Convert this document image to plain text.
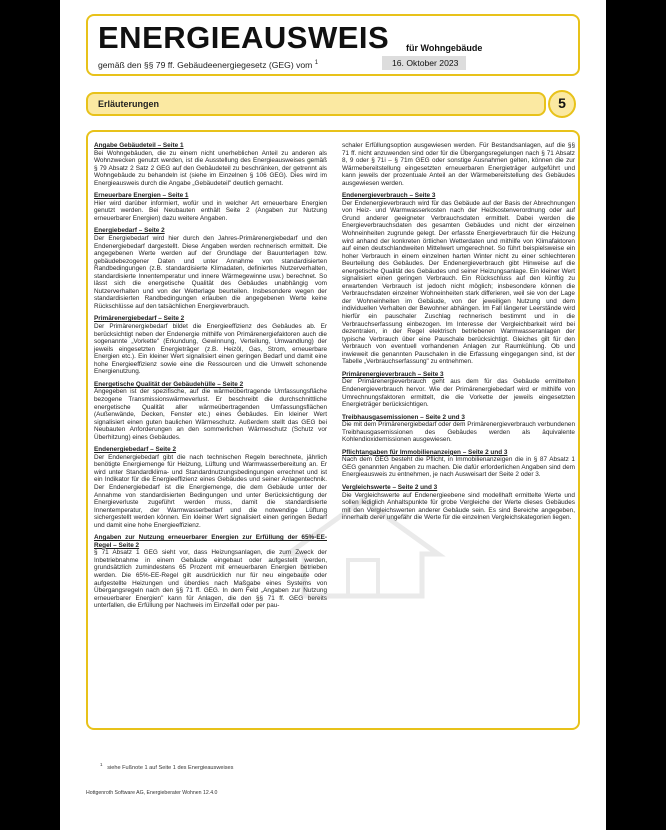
ENERGIEAUSWEIS für Wohngebäude
gemäß den §§ 79 ff. Gebäudeenergiegesetz (GEG) vom $^1$	16. Oktober 2023
Erläuterungen	5
Angabe Gebäudeteil – Seite 1
Bei Wohngebäuden, die zu einem nicht unerheblichen Anteil zu anderen als Wohnzwecken genutzt werden, ist die Ausstellung des Energieausweises gemäß § 79 Absatz 2 Satz 2 GEG auf den Gebäudeteil zu beschränken, der getrennt als Wohngebäude zu behandeln ist (siehe im Einzelnen § 106 GEG). Dies wird im Energieausweis durch die Angabe „Gebäudeteil" deutlich gemacht.
Erneuerbare Energien – Seite 1
Hier wird darüber informiert, wofür und in welcher Art erneuerbare Energien genutzt werden. Bei Neubauten enthält Seite 2 (Angaben zur Nutzung erneuerbarer Energien) dazu weitere Angaben.
Energiebedarf – Seite 2
Der Energiebedarf wird hier durch den Jahres-Primärenergiebedarf und den Endenergiebedarf dargestellt. Diese Angaben werden rechnerisch ermittelt. Die angegebenen Werte werden auf der Grundlage der Bauunterlagen bzw. gebäudebezogener Daten und unter Annahme von standardisierten Randbedingungen (z.B. standardisierte Klimadaten, definiertes Nutzerverhalten, standardisierte Innentemperatur und innere Wärmegewinne usw.) berechnet. So lässt sich die energetische Qualität des Gebäudes unabhängig vom Nutzerverhalten und von der Wetterlage beurteilen. Insbesondere wegen der standardisierten Randbedingungen erlauben die angegebenen Werte keine Rückschlüsse auf den tatsächlichen Energieverbrauch.
Primärenergiebedarf – Seite 2
Der Primärenergiebedarf bildet die Energieeffizienz des Gebäudes ab. Er berücksichtigt neben der Endenergie mithilfe von Primärenergiefaktoren auch die sogenannte „Vorkette" (Erkundung, Gewinnung, Verteilung, Umwandlung) der jeweils eingesetzten Energieträger (z.B. Heizöl, Gas, Strom, erneuerbare Energien etc.). Ein kleiner Wert signalisiert einen geringen Bedarf und damit eine hohe Energieeffizienz sowie eine die Ressourcen und die Umwelt schonende Energienutzung.
Energetische Qualität der Gebäudehülle – Seite 2
Angegeben ist der spezifische, auf die wärmeübertragende Umfassungsfläche bezogene Transmissionswärmeverlust. Er beschreibt die durchschnittliche energetische Qualität aller wärmeübertragenden Umfassungsflächen (Außenwände, Decken, Fenster etc.) eines Gebäudes. Ein kleiner Wert signalisiert einen guten baulichen Wärmeschutz. Außerdem stellt das GEG bei Neubauten Anforderungen an den sommerlichen Wärmeschutz (Schutz vor Überhitzung) eines Gebäudes.
Endenergiebedarf – Seite 2
Der Endenergiebedarf gibt die nach technischen Regeln berechnete, jährlich benötigte Energiemenge für Heizung, Lüftung und Warmwasserbereitung an. Er wird unter Standardklima- und Standardnutzungsbedingungen errechnet und ist ein Indikator für die Energieeffizienz eines Gebäudes und seiner Anlagentechnik. Der Endenergiebedarf ist die Energiemenge, die dem Gebäude unter der Annahme von standardisierten Bedingungen und unter Berücksichtigung der Energieverluste zugeführt werden muss, damit die standardisierte Innentemperatur, der Warmwasserbedarf und die notwendige Lüftung sichergestellt werden können. Ein kleiner Wert signalisiert einen geringen Bedarf und damit eine hohe Energieeffizienz.
Angaben zur Nutzung erneuerbarer Energien zur Erfüllung der 65%-EE-Regel – Seite 2
§ 71 Absatz 1 GEG sieht vor, dass Heizungsanlagen, die zum Zweck der Inbetriebnahme in einem Gebäude eingebaut oder aufgestellt werden, grundsätzlich zumindestens 65 Prozent mit erneuerbaren Energien betrieben werden. Die 65%-EE-Regel gilt ausdrücklich nur für neu eingebaute oder aufgestellte Heizungen und überdies nach Maßgabe eines Systems von Übergangsregeln nach den §§ 71 ff. GEG. In dem Feld „Angaben zur Nutzung erneuerbarer Energien" kann für Anlagen, die den §§ 71 ff. GEG bereits unterfallen, die Erfüllung per Nachweis im Einzelfall oder per pau-
schaler Erfüllungsoption ausgewiesen werden. Für Bestandsanlagen, auf die §§ 71 ff. nicht anzuwenden sind oder für die Übergangsregelungen nach § 71 Absatz 8, 9 oder § 71i – § 71m GEG oder sonstige Ausnahmen gelten, können die zur Wärmebereitstellung eingesetzten erneuerbaren Energieträger aufgeführt und kann jeweils der prozentuale Anteil an der Wärmebereitstellung des Gebäudes ausgewiesen werden.
Endenergieverbrauch – Seite 3
Der Endenergieverbrauch wird für das Gebäude auf der Basis der Abrechnungen von Heiz- und Warmwasserkosten nach der Heizkostenverordnung oder auf Grund anderer geeigneter Verbrauchsdaten ermittelt. Dabei werden die Energieverbrauchsdaten des gesamten Gebäudes und nicht der einzelnen Wohneinheiten zugrunde gelegt. Der erfasste Energieverbrauch für die Heizung wird anhand der konkreten örtlichen Wetterdaten und mithilfe von Klimafaktoren auf einen deutschlandweiten Mittelwert umgerechnet. So führt beispielsweise ein hoher Verbrauch in einem einzelnen harten Winter nicht zu einer schlechteren Beurteilung des Gebäudes. Der Endenergieverbrauch gibt Hinweise auf die energetische Qualität des Gebäudes und seiner Heizungsanlage. Ein kleiner Wert signalisiert einen geringen Verbrauch. Ein Rückschluss auf den künftig zu erwartenden Verbrauch ist jedoch nicht möglich; insbesondere können die Verbrauchsdaten einzelner Wohneinheiten stark differieren, weil sie von der Lage der Wohneinheiten im Gebäude, von der jeweiligen Nutzung und dem individuellen Verhalten der Bewohner abhängen. Im Fall längerer Leerstände wird hierfür ein pauschaler Zuschlag rechnerisch bestimmt und in die Verbrauchserfassung einbezogen. Im Interesse der Vergleichbarkeit wird bei dezentralen, in der Regel elektrisch betriebenen Warmwasseranlagen der typische Verbrauch über eine Pauschale berücksichtigt. Gleiches gilt für den Verbrauch von eventuell vorhandenen Anlagen zur Raumkühlung. Ob und inwieweit die genannten Pauschalen in die Erfassung eingegangen sind, ist der Tabelle „Verbrauchserfassung" zu entnehmen.
Primärenergieverbrauch – Seite 3
Der Primärenergieverbrauch geht aus dem für das Gebäude ermittelten Endenergieverbrauch hervor. Wie der Primärenergiebedarf wird er mithilfe von Umrechnungsfaktoren ermittelt, die die Vorkette der jeweils eingesetzten Energieträger berücksichtigen.
Treibhausgasemissionen – Seite 2 und 3
Die mit dem Primärenergiebedarf oder dem Primärenergieverbrauch verbundenen Treibhausgasemissionen des Gebäudes werden als äquivalente Kohlendioxidemissionen ausgewiesen.
Pflichtangaben für Immobilienanzeigen – Seite 2 und 3
Nach dem GEG besteht die Pflicht, in Immobilienanzeigen die in § 87 Absatz 1 GEG genannten Angaben zu machen. Die dafür erforderlichen Angaben sind dem Energieausweis zu entnehmen, je nach Ausweisart der Seite 2 oder 3.
Vergleichswerte – Seite 2 und 3
Die Vergleichswerte auf Endenergieebene sind modellhaft ermittelte Werte und sollen lediglich Anhaltspunkte für grobe Vergleiche der Werte dieses Gebäudes mit den Vergleichswerten anderer Gebäude sein. Es sind Bereiche angegeben, innerhalb derer ungefähr die Werte für die einzelnen Vergleichskategorien liegen.
$^1$   siehe Fußnote 1 auf Seite 1 des Energieausweises
Hottgenroth Software AG, Energieberater Wohnen 12.4.0
